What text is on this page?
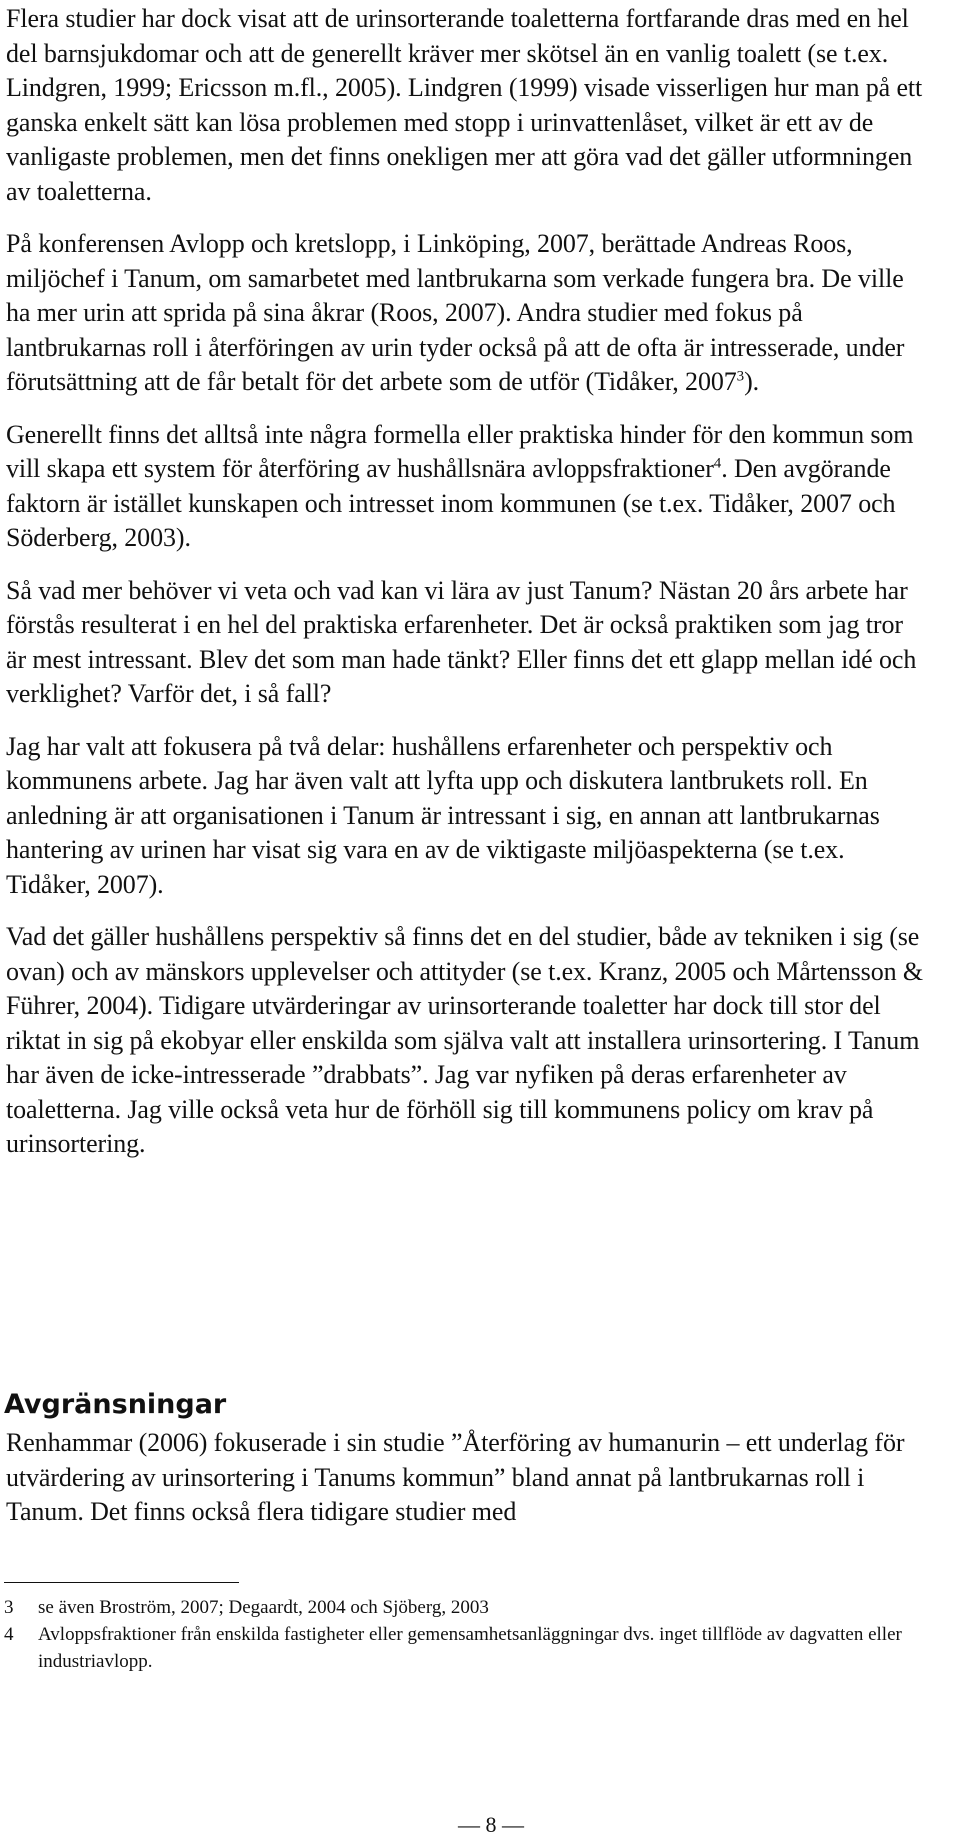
Flera studier har dock visat att de urinsorterande toaletterna fortfarande dras med en hel del barnsjukdomar och att de generellt kräver mer skötsel än en vanlig toalett (se t.ex. Lindgren, 1999; Ericsson m.fl., 2005). Lindgren (1999) visade visserligen hur man på ett ganska enkelt sätt kan lösa problemen med stopp i urinvattenlåset, vilket är ett av de vanligaste problemen, men det finns onekligen mer att göra vad det gäller utformningen av toaletterna.

På konferensen Avlopp och kretslopp, i Linköping, 2007, berättade Andreas Roos, miljöchef i Tanum, om samarbetet med lantbrukarna som verkade fungera bra. De ville ha mer urin att sprida på sina åkrar (Roos, 2007). Andra studier med fokus på lantbrukarnas roll i återföringen av urin tyder också på att de ofta är intresserade, under förutsättning att de får betalt för det arbete som de utför (Tidåker, 2007$^3$).

Generellt finns det alltså inte några formella eller praktiska hinder för den kommun som vill skapa ett system för återföring av hushållsnära avloppsfraktioner$^4$. Den avgörande faktorn är istället kunskapen och intresset inom kommunen (se t.ex. Tidåker, 2007 och Söderberg, 2003).

Så vad mer behöver vi veta och vad kan vi lära av just Tanum? Nästan 20 års arbete har förstås resulterat i en hel del praktiska erfarenheter. Det är också praktiken som jag tror är mest intressant. Blev det som man hade tänkt? Eller finns det ett glapp mellan idé och verklighet? Varför det, i så fall?

Jag har valt att fokusera på två delar: hushållens erfarenheter och perspektiv och kommunens arbete. Jag har även valt att lyfta upp och diskutera lantbrukets roll. En anledning är att organisationen i Tanum är intressant i sig, en annan att lantbrukarnas hantering av urinen har visat sig vara en av de viktigaste miljöaspekterna (se t.ex. Tidåker, 2007).

Vad det gäller hushållens perspektiv så finns det en del studier, både av tekniken i sig (se ovan) och av mänskors upplevelser och attityder (se t.ex. Kranz, 2005 och Mårtensson & Führer, 2004). Tidigare utvärderingar av urinsorterande toaletter har dock till stor del riktat in sig på ekobyar eller enskilda som själva valt att installera urinsortering. I Tanum har även de icke-intresserade ”drabbats”. Jag var nyfiken på deras erfarenheter av toaletterna. Jag ville också veta hur de förhöll sig till kommunens policy om krav på urinsortering.

Avgränsningar

Renhammar (2006) fokuserade i sin studie ”Återföring av humanurin – ett underlag för utvärdering av urinsortering i Tanums kommun” bland annat på lantbrukarnas roll i Tanum. Det finns också flera tidigare studier med

3	se även Broström, 2007; Degaardt, 2004 och Sjöberg, 2003
4	Avloppsfraktioner från enskilda fastigheter eller gemensamhetsanläggningar dvs. inget tillflöde av dagvatten eller industriavlopp.
— 8 —
